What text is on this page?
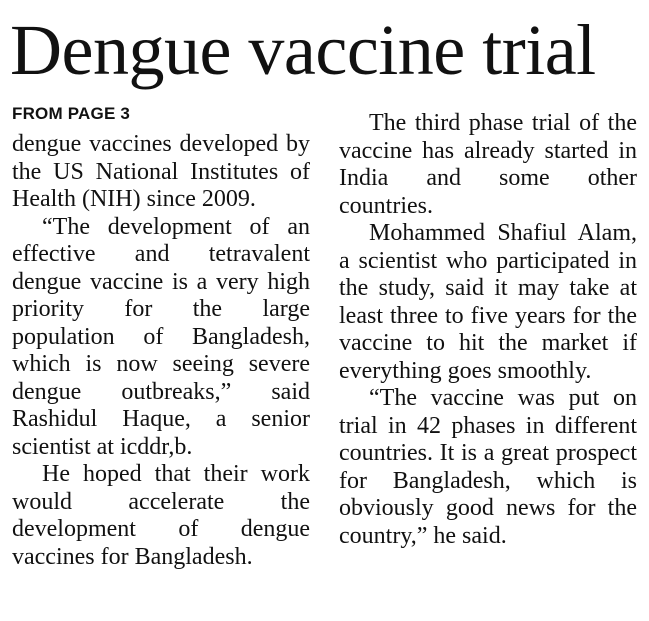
Dengue vaccine trial
FROM PAGE 3

dengue vaccines developed by the US National Institutes of Health (NIH) since 2009.

“The development of an effective and tetravalent dengue vaccine is a very high priority for the large population of Bangladesh, which is now seeing severe dengue outbreaks,” said Rashidul Haque, a senior scientist at icddr,b.

He hoped that their work would accelerate the development of dengue vaccines for Bangladesh.

The third phase trial of the vaccine has already started in India and some other countries.

Mohammed Shafiul Alam, a scientist who participated in the study, said it may take at least three to five years for the vaccine to hit the market if everything goes smoothly.

“The vaccine was put on trial in 42 phases in different countries. It is a great prospect for Bangladesh, which is obviously good news for the country,” he said.
